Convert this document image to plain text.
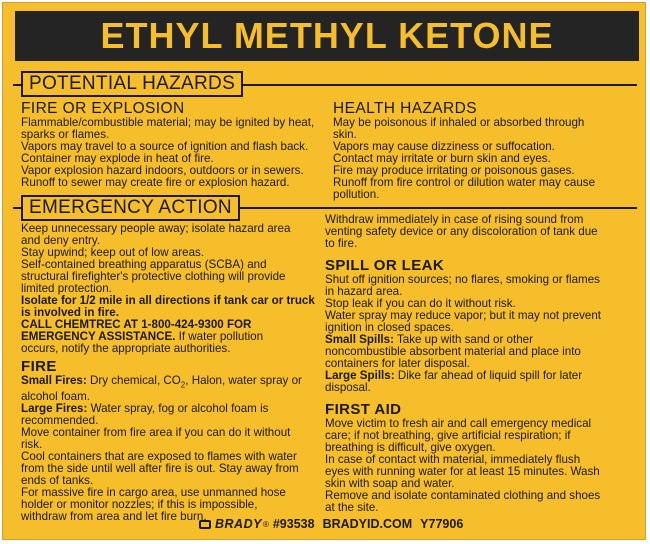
ETHYL METHYL KETONE
POTENTIAL HAZARDS
FIRE OR EXPLOSION

Flammable/combustible material; may be ignited by heat,

sparks or flames.

Vapors may travel to a source of ignition and flash back.

Container may explode in heat of fire.

Vapor explosion hazard indoors, outdoors or in sewers.

Runoff to sewer may create fire or explosion hazard.

HEALTH HAZARDS

May be poisonous if inhaled or absorbed through

skin.

Vapors may cause dizziness or suffocation.

Contact may irritate or burn skin and eyes.

Fire may produce irritating or poisonous gases.

Runoff from fire control or dilution water may cause

pollution.

EMERGENCY ACTION

Keep unnecessary people away; isolate hazard area

and deny entry.

Stay upwind; keep out of low areas.

Self-contained breathing apparatus (SCBA) and

structural firefighter's protective clothing will provide

limited protection.

Isolate for 1/2 mile in all directions if tank car or truck

is involved in fire.

CALL CHEMTREC AT 1-800-424-9300 FOR

EMERGENCY ASSISTANCE. If water pollution

occurs, notify the appropriate authorities.

FIRE

Small Fires: Dry chemical, $CO_2$, Halon, water spray or

alcohol foam.

Large Fires: Water spray, fog or alcohol foam is

recommended.

Move container from fire area if you can do it without

risk.

Cool containers that are exposed to flames with water

from the side until well after fire is out. Stay away from

ends of tanks.

For massive fire in cargo area, use unmanned hose

holder or monitor nozzles; if this is impossible,

withdraw from area and let fire burn.

Withdraw immediately in case of rising sound from

venting safety device or any discoloration of tank due

to fire.

SPILL OR LEAK

Shut off ignition sources; no flares, smoking or flames

in hazard area.

Stop leak if you can do it without risk.

Water spray may reduce vapor; but it may not prevent

ignition in closed spaces.

Small Spills: Take up with sand or other

noncombustible absorbent material and place into

containers for later disposal.

Large Spills: Dike far ahead of liquid spill for later

disposal.

FIRST AID

Move victim to fresh air and call emergency medical

care; if not breathing, give artificial respiration; if

breathing is difficult, give oxygen.

In case of contact with material, immediately flush

eyes with running water for at least 15 minutes. Wash

skin with soap and water.

Remove and isolate contaminated clothing and shoes

at the site.

BRADY ® #93538 BRADYID.COM Y77906
